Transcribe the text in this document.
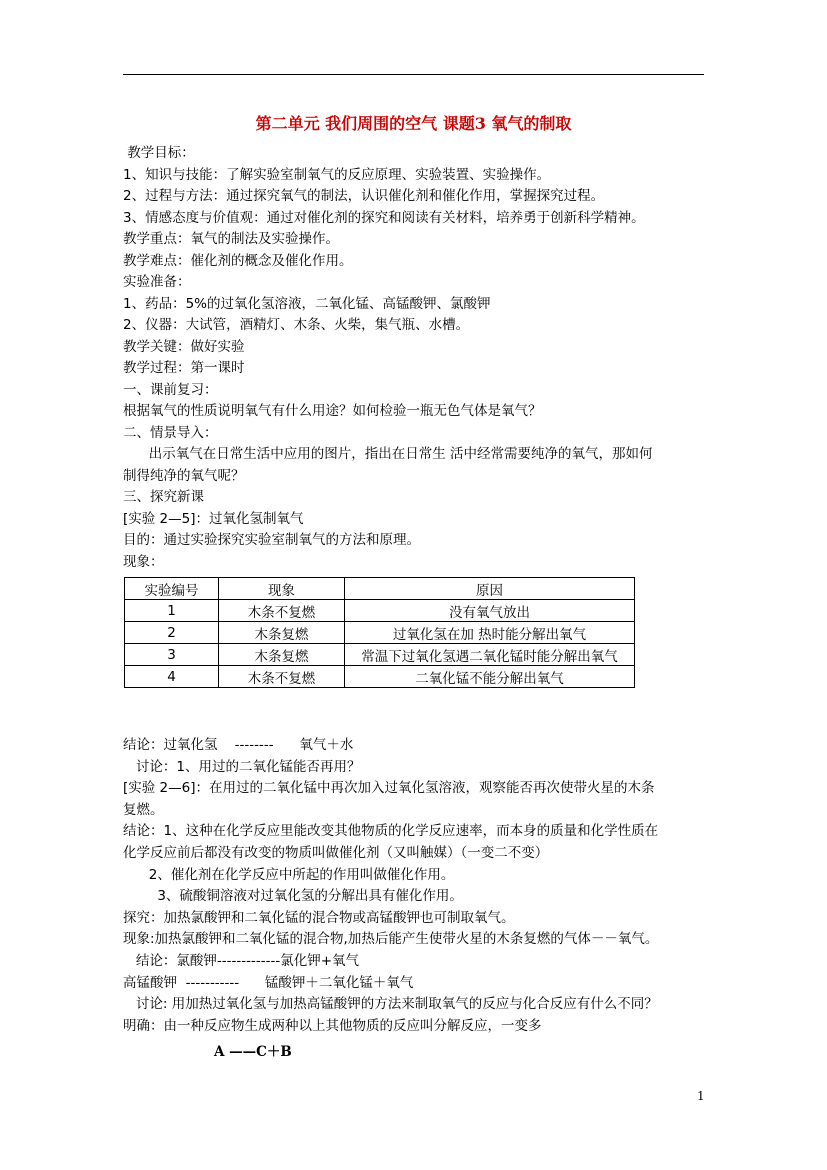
第二单元 我们周围的空气 课题3 氧气的制取
教学目标：
1、知识与技能：了解实验室制氧气的反应原理、实验装置、实验操作。
2、过程与方法：通过探究氧气的制法，认识催化剂和催化作用，掌握探究过程。
3、情感态度与价值观：通过对催化剂的探究和阅读有关材料，培养勇于创新科学精神。
教学重点：氧气的制法及实验操作。
教学难点：催化剂的概念及催化作用。
实验准备：
1、药品：5%的过氧化氢溶液，二氧化锰、高锰酸钾、氯酸钾
2、仪器：大试管，酒精灯、木条、火柴，集气瓶、水槽。
教学关键：做好实验
教学过程：第一课时
一、课前复习：
根据氧气的性质说明氧气有什么用途？如何检验一瓶无色气体是氧气？
二、情景导入：
出示氧气在日常生活中应用的图片，指出在日常生 活中经常需要纯净的氧气，那如何
制得纯净的氧气呢？
三、探究新课
[实验 2—5]：过氧化氢制氧气
目的：通过实验探究实验室制氧气的方法和原理。
现象：
实验编号	现象	原因
1	木条不复燃	没有氧气放出
2	木条复燃	过氧化氢在加 热时能分解出氧气
3	木条复燃	常温下过氧化氢遇二氧化锰时能分解出氧气
4	木条不复燃	二氧化锰不能分解出氧气
结论：过氧化氢    --------      氧气＋水
讨论：1、用过的二氧化锰能否再用？
[实验 2—6]：在用过的二氧化锰中再次加入过氧化氢溶液，观察能否再次使带火星的木条
复燃。
结论：1、这种在化学反应里能改变其他物质的化学反应速率，而本身的质量和化学性质在
化学反应前后都没有改变的物质叫做催化剂（又叫触媒）（一变二不变）
2、催化剂在化学反应中所起的作用叫做催化作用。
3、硫酸铜溶液对过氧化氢的分解出具有催化作用。
探究：加热氯酸钾和二氧化锰的混合物或高锰酸钾也可制取氧气。
现象:加热氯酸钾和二氧化锰的混合物,加热后能产生使带火星的木条复燃的气体－－氧气。
结论：氯酸钾-------------氯化钾+氧气
高锰酸钾  -----------      锰酸钾＋二氧化锰＋氧气
讨论: 用加热过氧化氢与加热高锰酸钾的方法来制取氧气的反应与化合反应有什么不同？
明确：由一种反应物生成两种以上其他物质的反应叫分解反应，一变多
A ——C＋B
1
